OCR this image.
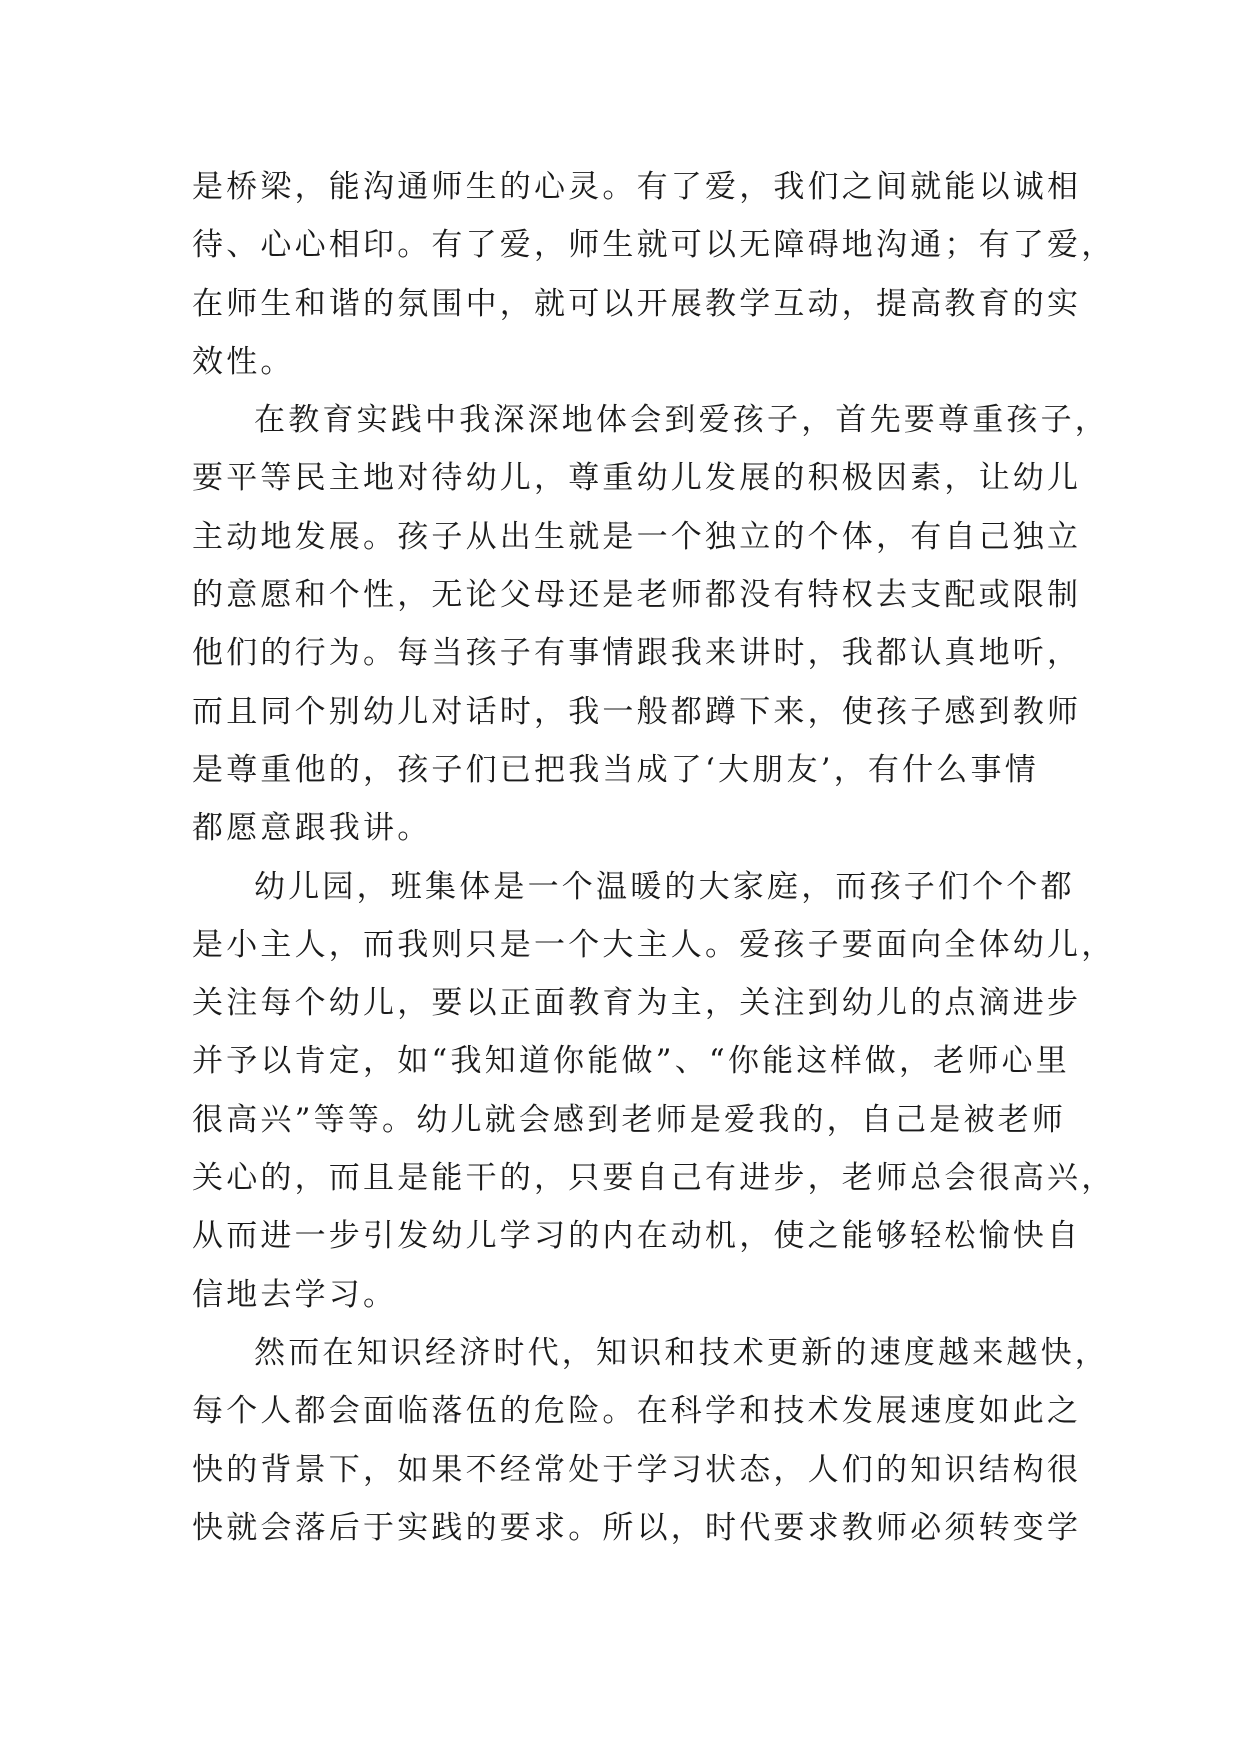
是桥梁，能沟通师生的心灵。有了爱，我们之间就能以诚相
待、心心相印。有了爱，师生就可以无障碍地沟通；有了爱，
在师生和谐的氛围中，就可以开展教学互动，提高教育的实
效性。
在教育实践中我深深地体会到爱孩子，首先要尊重孩子，
要平等民主地对待幼儿，尊重幼儿发展的积极因素，让幼儿
主动地发展。孩子从出生就是一个独立的个体，有自己独立
的意愿和个性，无论父母还是老师都没有特权去支配或限制
他们的行为。每当孩子有事情跟我来讲时，我都认真地听，
而且同个别幼儿对话时，我一般都蹲下来，使孩子感到教师
是尊重他的，孩子们已把我当成了‘大朋友’，有什么事情
都愿意跟我讲。
幼儿园，班集体是一个温暖的大家庭，而孩子们个个都
是小主人，而我则只是一个大主人。爱孩子要面向全体幼儿，
关注每个幼儿，要以正面教育为主，关注到幼儿的点滴进步
并予以肯定，如“我知道你能做”、“你能这样做，老师心里
很高兴”等等。幼儿就会感到老师是爱我的，自己是被老师
关心的，而且是能干的，只要自己有进步，老师总会很高兴，
从而进一步引发幼儿学习的内在动机，使之能够轻松愉快自
信地去学习。
然而在知识经济时代，知识和技术更新的速度越来越快，
每个人都会面临落伍的危险。在科学和技术发展速度如此之
快的背景下，如果不经常处于学习状态，人们的知识结构很
快就会落后于实践的要求。所以，时代要求教师必须转变学
